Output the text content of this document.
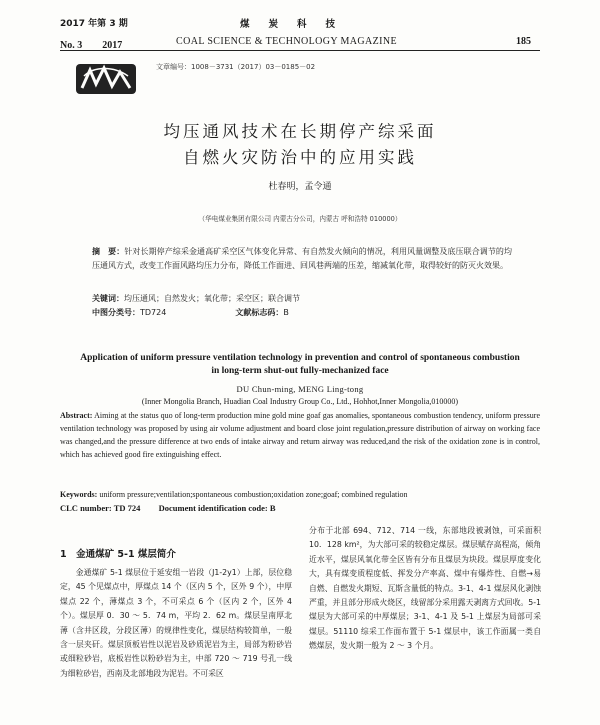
2017 年第 3 期	煤　　炭　　科　　技
No. 3　　2017	COAL SCIENCE & TECHNOLOGY MAGAZINE	185
文章编号：1008－3731（2017）03－0185－02
均压通风技术在长期停产综采面
自燃火灾防治中的应用实践
杜春明，孟令通
（华电煤业集团有限公司 内蒙古分公司，内蒙古 呼和浩特 010000）
摘　要：针对长期停产综采金通高矿采空区气体变化异常、有自然发火倾向的情况，利用风量调整及底压联合调节的均压通风方式，改变工作面风路均压力分布，降低工作面进、回风巷两端的压差，缩减氧化带，取得较好的防灭火效果。
关键词：均压通风；自然发火；氧化带；采空区；联合调节
中图分类号：TD724	文献标志码：B
Application of uniform pressure ventilation technology in prevention and control of spontaneous combustion in long-term shut-out fully-mechanized face
DU Chun-ming, MENG Ling-tong
(Inner Mongolia Branch, Huadian Coal Industry Group Co., Ltd., Hohhot,Inner Mongolia,010000)
Abstract: Aiming at the status quo of long-term production mine gold mine goaf gas anomalies, spontaneous combustion tendency, uniform pressure ventilation technology was proposed by using air volume adjustment and board close joint regulation,pressure distribution of airway on working face was changed,and the pressure difference at two ends of intake airway and return airway was reduced,and the risk of the oxidation zone is in control, which has achieved good fire extinguishing effect.
Keywords: uniform pressure;ventilation;spontaneous combustion;oxidation zone;goaf; combined regulation
CLC number: TD 724 Document identification code: B
1　金通煤矿 5-1 煤层简介
　　金通煤矿 5-1 煤层位于延安组一岩段（J1-2y1）上部，层位稳定，45 个见煤点中，厚煤点 14 个（区内 5 个，区外 9 个），中厚煤点 22 个，薄煤点 3 个，不可采点 6 个（区内 2 个，区外 4 个）。煤层厚 0．30 ～ 5．74 m，平均 2．62 m。煤层呈南厚北薄（含井区段，分段区薄）的规律性变化，煤层结构较简单，一般含一层夹矸。煤层顶板岩性以泥岩及砂质泥岩为主，局部为粉砂岩或细粒砂岩，底板岩性以粉砂岩为主，中部 720 ～ 719 号孔一线为细粒砂岩，西南及北部地段为泥岩。不可采区
分布于北部 694、712、714 一线，东部地段被剥蚀，可采面积 10．128 km²，为大部可采的较稳定煤层。煤层赋存高程高，倾角近水平，煤层风氧化带全区皆有分布且煤层为块段。煤层厚度变化大，具有煤变质程度低、挥发分产率高、煤中有爆炸性、自燃→易自燃、自燃发火期短、瓦斯含量低的特点。3-1、4-1 煤层风化剥蚀严重，并且部分形成火烧区，线留部分采用露天剥离方式回收。5-1 煤层为大部可采的中厚煤层；3-1、4-1 及 5-1 上煤层为局部可采煤层。51110 综采工作面布置于 5-1 煤层中，该工作面属一类自燃煤层，发火期一般为 2 ～ 3 个月。
